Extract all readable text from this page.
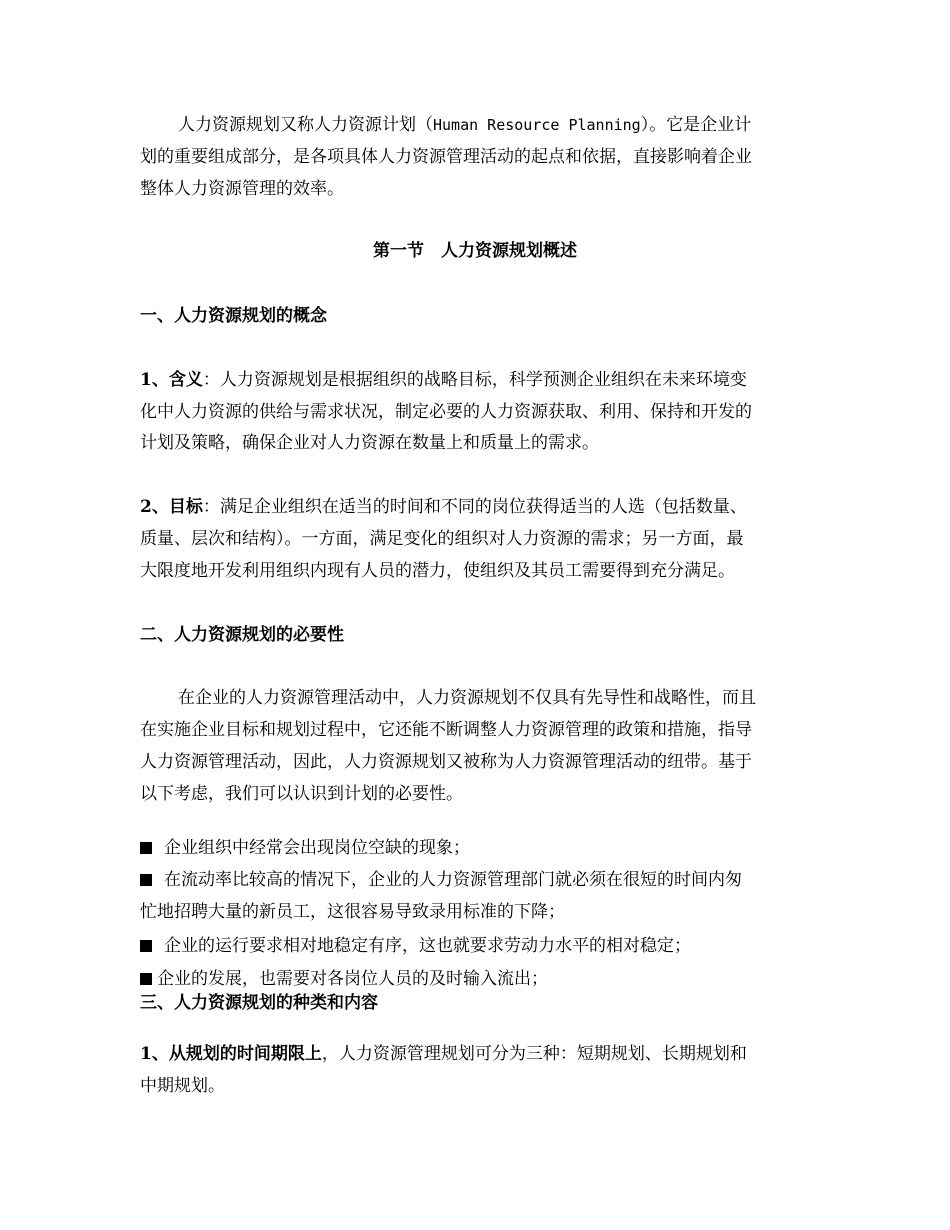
人力资源规划又称人力资源计划（Human Resource Planning）。它是企业计
划的重要组成部分，是各项具体人力资源管理活动的起点和依据，直接影响着企业
整体人力资源管理的效率。
第一节　人力资源规划概述
一、人力资源规划的概念
1、含义：人力资源规划是根据组织的战略目标，科学预测企业组织在未来环境变
化中人力资源的供给与需求状况，制定必要的人力资源获取、利用、保持和开发的
计划及策略，确保企业对人力资源在数量上和质量上的需求。
2、目标：满足企业组织在适当的时间和不同的岗位获得适当的人选（包括数量、
质量、层次和结构）。一方面，满足变化的组织对人力资源的需求；另一方面，最
大限度地开发利用组织内现有人员的潜力，使组织及其员工需要得到充分满足。
二、人力资源规划的必要性
在企业的人力资源管理活动中，人力资源规划不仅具有先导性和战略性，而且
在实施企业目标和规划过程中，它还能不断调整人力资源管理的政策和措施，指导
人力资源管理活动，因此，人力资源规划又被称为人力资源管理活动的纽带。基于
以下考虑，我们可以认识到计划的必要性。
企业组织中经常会出现岗位空缺的现象；
在流动率比较高的情况下，企业的人力资源管理部门就必须在很短的时间内匆
忙地招聘大量的新员工，这很容易导致录用标准的下降；
企业的运行要求相对地稳定有序，这也就要求劳动力水平的相对稳定；
企业的发展，也需要对各岗位人员的及时输入流出；
三、人力资源规划的种类和内容
1、从规划的时间期限上，人力资源管理规划可分为三种：短期规划、长期规划和
中期规划。
